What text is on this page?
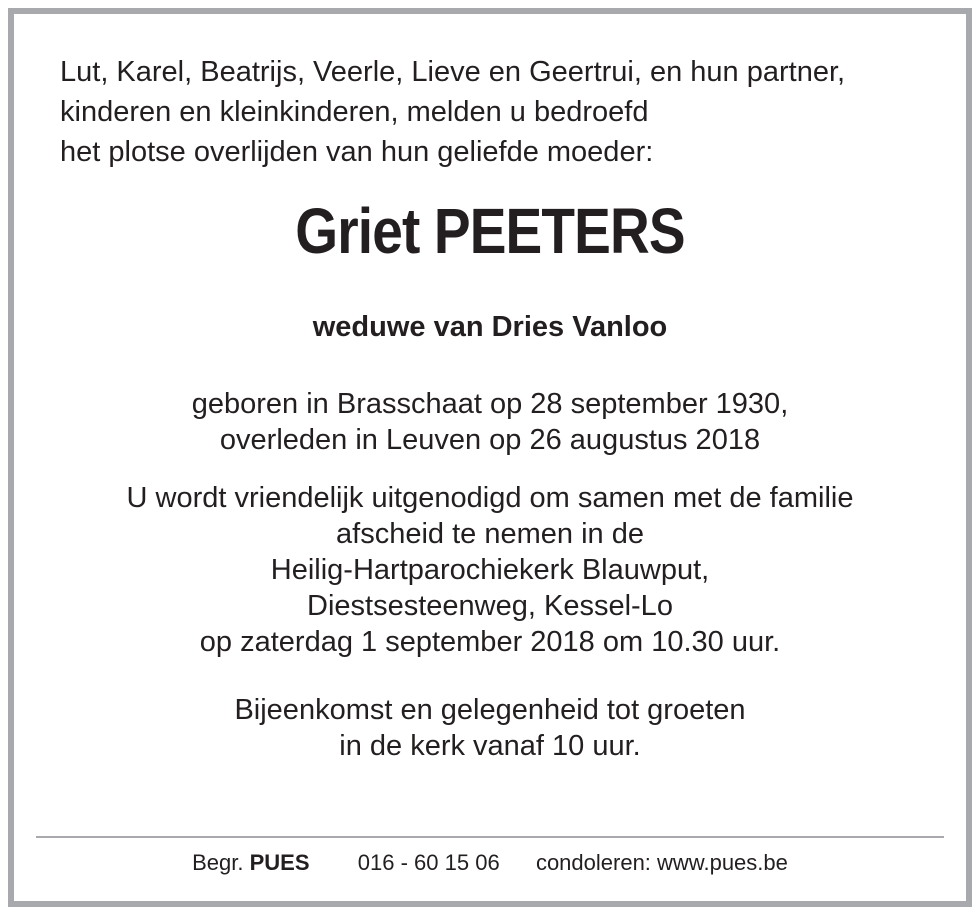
Lut, Karel, Beatrijs, Veerle, Lieve en Geertrui, en hun partner,
kinderen en kleinkinderen, melden u bedroefd
het plotse overlijden van hun geliefde moeder:
Griet PEETERS
weduwe van Dries Vanloo
geboren in Brasschaat op 28 september 1930,
overleden in Leuven op 26 augustus 2018
U wordt vriendelijk uitgenodigd om samen met de familie
afscheid te nemen in de
Heilig-Hartparochiekerk Blauwput,
Diestsesteenweg, Kessel-Lo
op zaterdag 1 september 2018 om 10.30 uur.
Bijeenkomst en gelegenheid tot groeten
in de kerk vanaf 10 uur.
Begr. PUES 016 - 60 15 06 condoleren: www.pues.be
